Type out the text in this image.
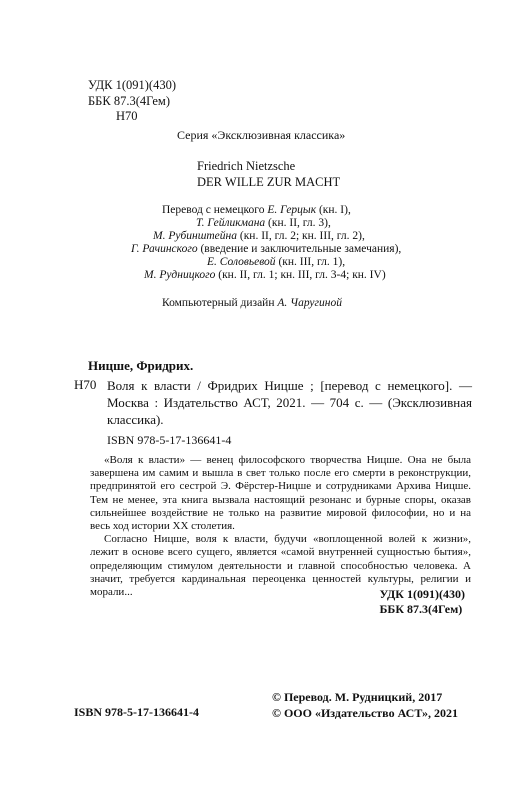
УДК 1(091)(430)
ББК 87.3(4Гем)
Н70
Серия «Эксклюзивная классика»
Friedrich Nietzsche
DER WILLE ZUR MACHT
Перевод с немецкого Е. Герцык (кн. I),
Т. Гейликмана (кн. II, гл. 3),
М. Рубинштейна (кн. II, гл. 2; кн. III, гл. 2),
Г. Рачинского (введение и заключительные замечания),
Е. Соловьевой (кн. III, гл. 1),
М. Рудницкого (кн. II, гл. 1; кн. III, гл. 3-4; кн. IV)
Компьютерный дизайн А. Чаругиной
Ницше, Фридрих.
Н70 Воля к власти / Фридрих Ницше ; [перевод с немецкого]. — Москва : Издательство АСТ, 2021. — 704 с. — (Эксклюзивная классика).
ISBN 978-5-17-136641-4

«Воля к власти» — венец философского творчества Ницше. Она не была завершена им самим и вышла в свет только после его смерти в реконструкции, предпринятой его сестрой Э. Фёрстер-Ницше и сотрудниками Архива Ницше. Тем не менее, эта книга вызвала настоящий резонанс и бурные споры, оказав сильнейшее воздействие не только на развитие мировой философии, но и на весь ход истории XX столетия.

Согласно Ницше, воля к власти, будучи «воплощенной волей к жизни», лежит в основе всего сущего, является «самой внутренней сущностью бытия», определяющим стимулом деятельности и главной способностью человека. А значит, требуется кардинальная переоценка ценностей культуры, религии и морали...	УДК 1(091)(430)
ББК 87.3(4Гем)
ISBN 978-5-17-136641-4
© Перевод. М. Рудницкий, 2017
© ООО «Издательство АСТ», 2021
